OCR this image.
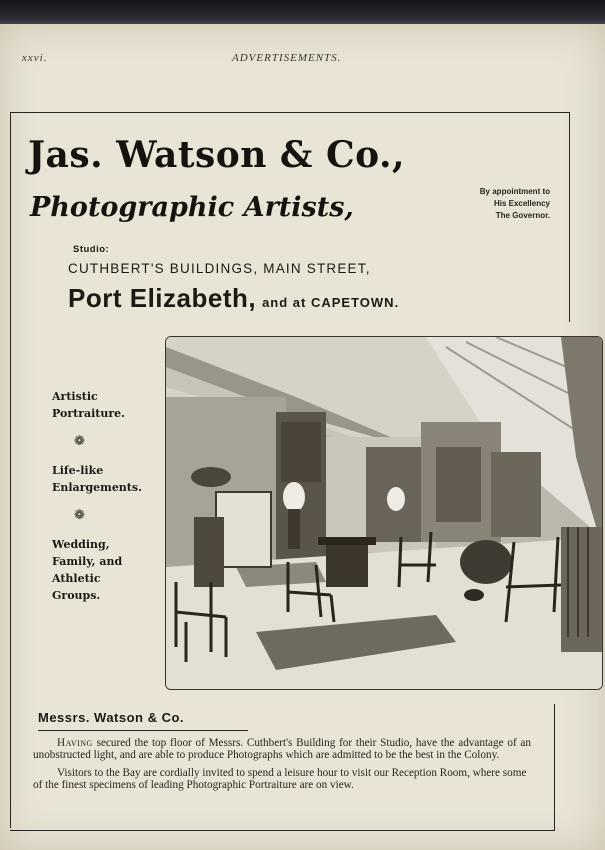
xxvi.	ADVERTISEMENTS.
Jas. Watson & Co.,
Photographic Artists,
By appointment to
His Excellency
The Governor.
Studio:
CUTHBERT'S BUILDINGS, MAIN STREET,
Port Elizabeth, and at CAPETOWN.
Artistic
Portraiture.
❁
Life-like
Enlargements.
❁
Wedding,
Family, and
Athletic
Groups.
Messrs. Watson & Co.

Having secured the top floor of Messrs. Cuthbert's Building for their Studio, have the advantage of an unobstructed light, and are able to produce Photographs which are admitted to be the best in the Colony.

Visitors to the Bay are cordially invited to spend a leisure hour to visit our Reception Room, where some of the finest specimens of leading Photographic Portraiture are on view.
